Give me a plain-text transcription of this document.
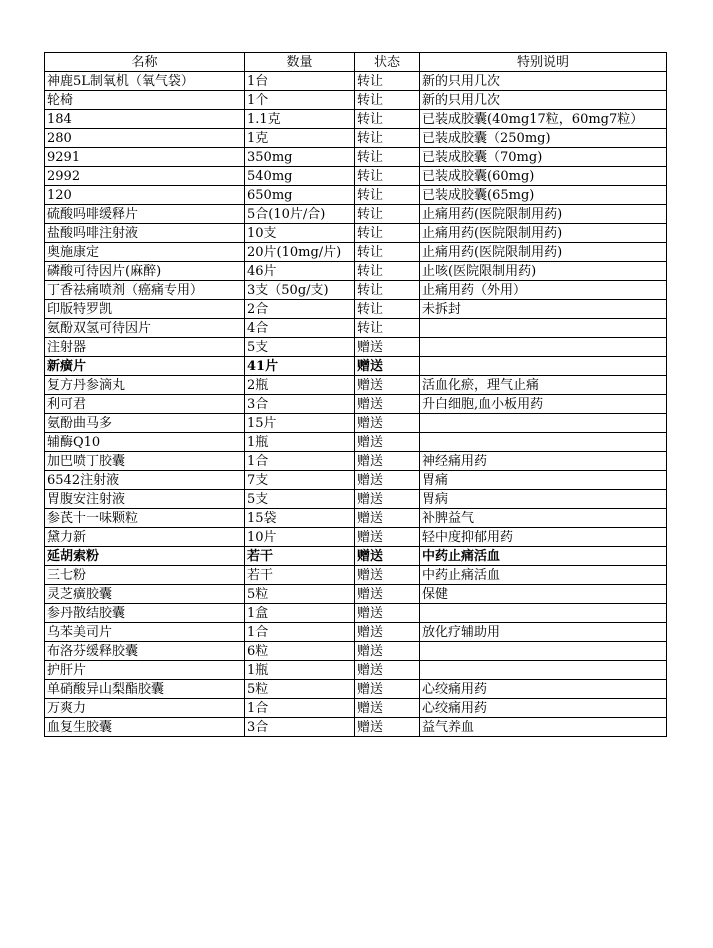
名称	数量	状态	特别说明
神鹿5L制氧机（氧气袋）	1台	转让	新的只用几次
轮椅	1个	转让	新的只用几次
184	1.1克	转让	已装成胶囊(40mg17粒，60mg7粒）
280	1克	转让	已装成胶囊（250mg)
9291	350mg	转让	已装成胶囊（70mg)
2992	540mg	转让	已装成胶囊(60mg)
120	650mg	转让	已装成胶囊(65mg)
硫酸吗啡缓释片	5合(10片/合)	转让	止痛用药(医院限制用药)
盐酸吗啡注射液	10支	转让	止痛用药(医院限制用药)
奥施康定	20片(10mg/片)	转让	止痛用药(医院限制用药)
磷酸可待因片(麻醉)	46片	转让	止咳(医院限制用药)
丁香祛痛喷剂（癌痛专用）	3支（50g/支)	转让	止痛用药（外用）
印版特罗凯	2合	转让	未拆封
氨酚双氢可待因片	4合	转让	
注射器	5支	赠送	
新癀片	41片	赠送	
复方丹参滴丸	2瓶	赠送	活血化瘀，理气止痛
利可君	3合	赠送	升白细胞,血小板用药
氨酚曲马多	15片	赠送	
辅酶Q10	1瓶	赠送	
加巴喷丁胶囊	1合	赠送	神经痛用药
6542注射液	7支	赠送	胃痛
胃腹安注射液	5支	赠送	胃病
参芪十一味颗粒	15袋	赠送	补脾益气
黛力新	10片	赠送	轻中度抑郁用药
延胡索粉	若干	赠送	中药止痛活血
三七粉	若干	赠送	中药止痛活血
灵芝癀胶囊	5粒	赠送	保健
参丹散结胶囊	1盒	赠送	
乌苯美司片	1合	赠送	放化疗辅助用
布洛芬缓释胶囊	6粒	赠送	
护肝片	1瓶	赠送	
单硝酸异山梨酯胶囊	5粒	赠送	心绞痛用药
万爽力	1合	赠送	心绞痛用药
血复生胶囊	3合	赠送	益气养血
